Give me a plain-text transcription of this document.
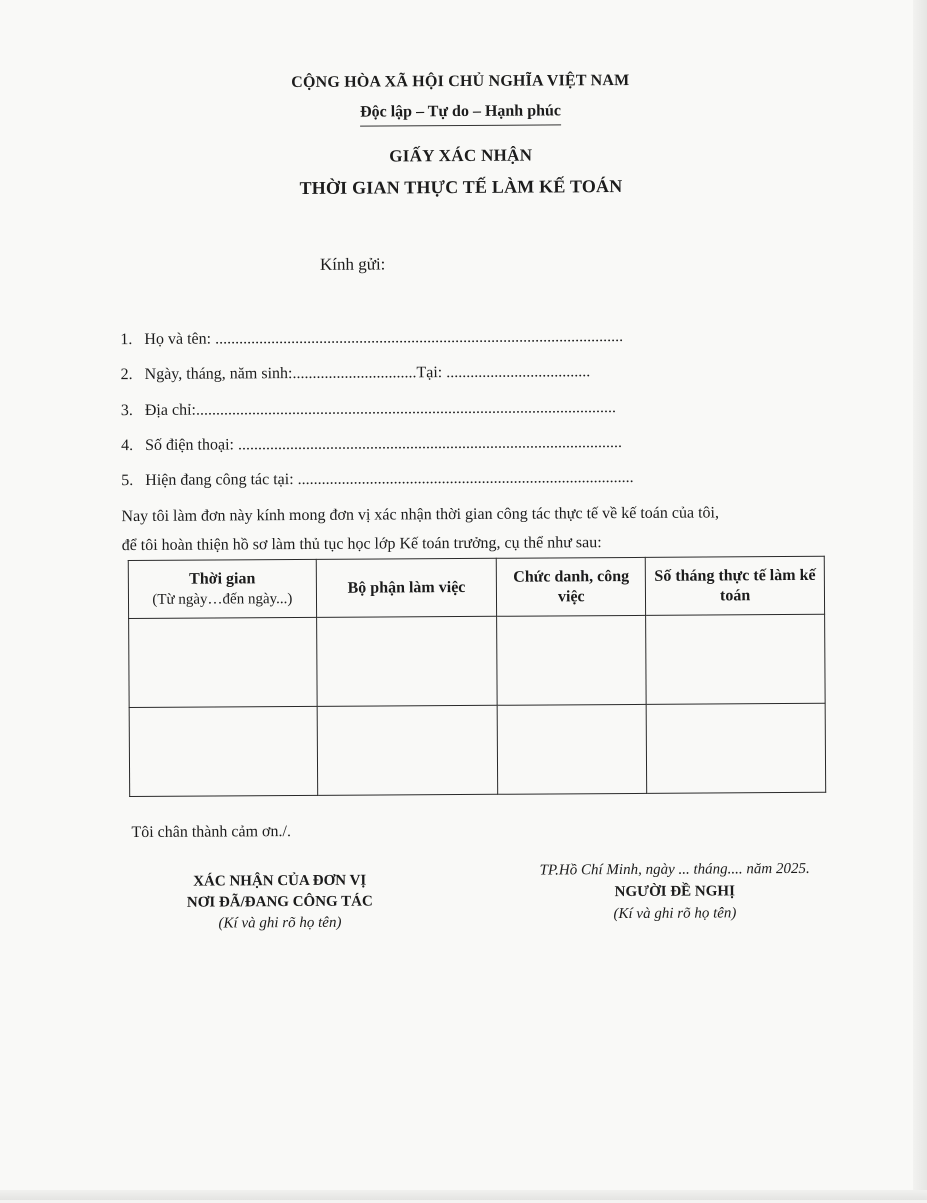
CỘNG HÒA XÃ HỘI CHỦ NGHĨA VIỆT NAM
Độc lập – Tự do – Hạnh phúc
GIẤY XÁC NHẬN
THỜI GIAN THỰC TẾ LÀM KẾ TOÁN
Kính gửi:
1. Họ và tên: ......................................................................................................
2. Ngày, tháng, năm sinh:...............................Tại: ....................................
3. Địa chỉ:.........................................................................................................
4. Số điện thoại: ................................................................................................
5. Hiện đang công tác tại: ....................................................................................
Nay tôi làm đơn này kính mong đơn vị xác nhận thời gian công tác thực tế về kế toán của tôi,
để tôi hoàn thiện hồ sơ làm thủ tục học lớp Kế toán trưởng, cụ thể như sau:
Thời gian
(Từ ngày…đến ngày...)	Bộ phận làm việc	Chức danh, công việc	Số tháng thực tế làm kế toán

Tôi chân thành cảm ơn./.
XÁC NHẬN CỦA ĐƠN VỊ
NƠI ĐÃ/ĐANG CÔNG TÁC
(Kí và ghi rõ họ tên)
TP.Hồ Chí Minh, ngày ... tháng.... năm 2025.
NGƯỜI ĐỀ NGHỊ
(Kí và ghi rõ họ tên)
